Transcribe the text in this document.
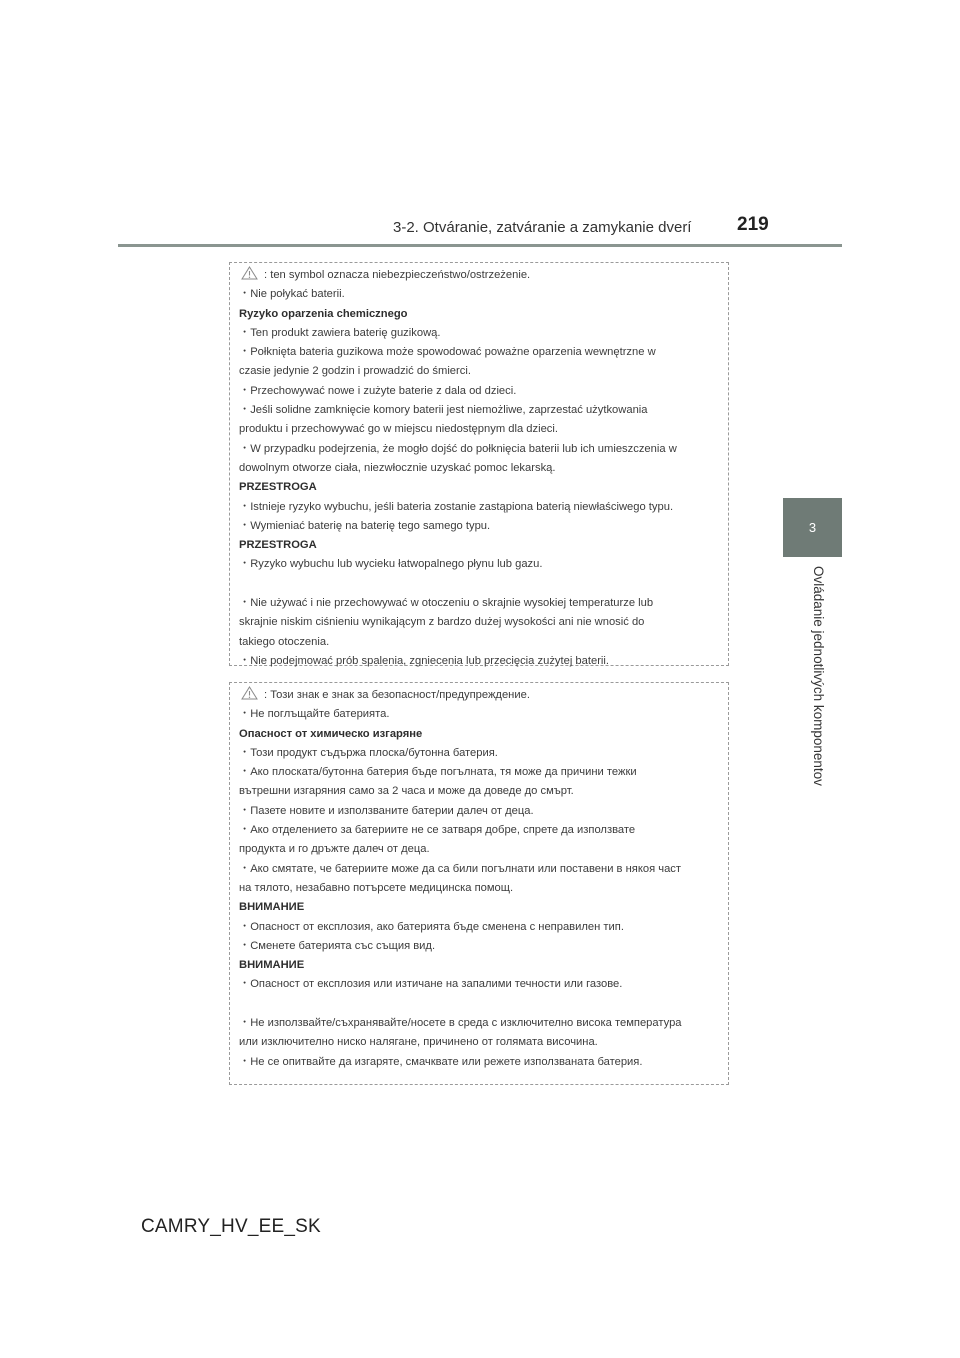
3-2. Otváranie, zatváranie a zamykanie dverí 219
3
Ovládanie jednotlivých komponentov
: ten symbol oznacza niebezpieczeństwo/ostrzeżenie.
・Nie połykać baterii.
Ryzyko oparzenia chemicznego
・Ten produkt zawiera baterię guzikową.
・Połknięta bateria guzikowa może spowodować poważne oparzenia wewnętrzne w
czasie jedynie 2 godzin i prowadzić do śmierci.
・Przechowywać nowe i zużyte baterie z dala od dzieci.
・Jeśli solidne zamknięcie komory baterii jest niemożliwe, zaprzestać użytkowania
produktu i przechowywać go w miejscu niedostępnym dla dzieci.
・W przypadku podejrzenia, że mogło dojść do połknięcia baterii lub ich umieszczenia w
dowolnym otworze ciała, niezwłocznie uzyskać pomoc lekarską.
PRZESTROGA
・Istnieje ryzyko wybuchu, jeśli bateria zostanie zastąpiona baterią niewłaściwego typu.
・Wymieniać baterię na baterię tego samego typu.
PRZESTROGA
・Ryzyko wybuchu lub wycieku łatwopalnego płynu lub gazu.
・Nie używać i nie przechowywać w otoczeniu o skrajnie wysokiej temperaturze lub
skrajnie niskim ciśnieniu wynikającym z bardzo dużej wysokości ani nie wnosić do
takiego otoczenia.
・Nie podejmować prób spalenia, zgniecenia lub przecięcia zużytej baterii.
: Този знак е знак за безопасност/предупреждение.
・Не поглъщайте батерията.
Опасност от химическо изгаряне
・Този продукт съдържа плоска/бутонна батерия.
・Ако плоската/бутонна батерия бъде погълната, тя може да причини тежки
вътрешни изгаряния само за 2 часа и може да доведе до смърт.
・Пазете новите и използваните батерии далеч от деца.
・Ако отделението за батериите не се затваря добре, спрете да използвате
продукта и го дръжте далеч от деца.
・Ако смятате, че батериите може да са били погълнати или поставени в някоя част
на тялото, незабавно потърсете медицинска помощ.
ВНИМАНИЕ
・Опасност от експлозия, ако батерията бъде сменена с неправилен тип.
・Сменете батерията със същия вид.
ВНИМАНИЕ
・Опасност от експлозия или изтичане на запалими течности или газове.
・Не използвайте/съхранявайте/носете в среда с изключително висока температура
или изключително ниско налягане, причинено от голямата височина.
・Не се опитвайте да изгаряте, смачквате или режете използваната батерия.
CAMRY_HV_EE_SK
